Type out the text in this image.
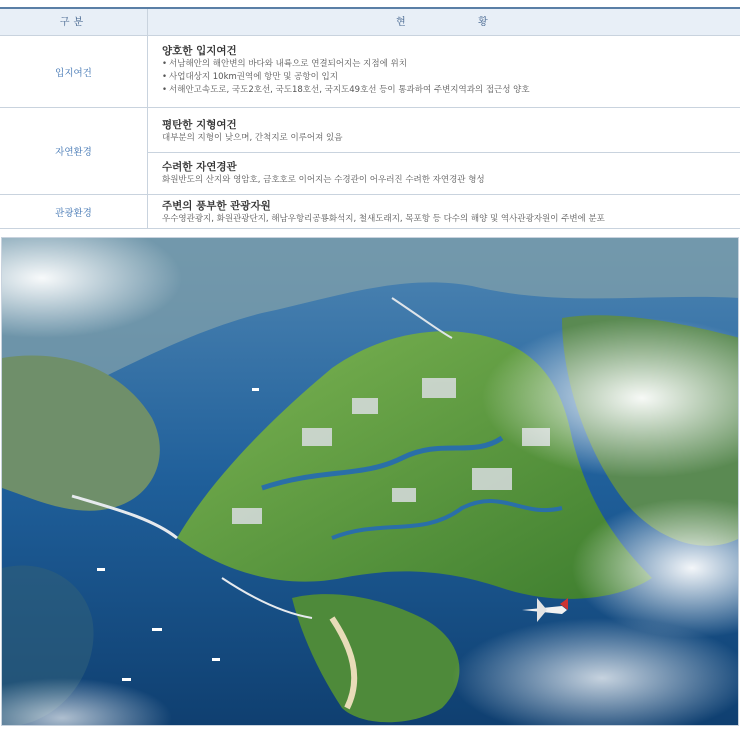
구분	현	황
입지여건
양호한 입지여건
• 서남해안의 해안변의 바다와 내륙으로 연결되어지는 지점에 위치
• 사업대상지 10km권역에 항만 및 공항이 입지
• 서해안고속도로, 국도2호선, 국도18호선, 국지도49호선 등이 통과하여 주변지역과의 접근성 양호
자연환경
평탄한 지형여건
대부분의 지형이 낮으며, 간척지로 이루어져 있음
수려한 자연경관
화원반도의 산지와 영암호, 금호호로 이어지는 수경관이 어우러진 수려한 자연경관 형성
관광환경
주변의 풍부한 관광자원
우수영관광지, 화원관광단지, 해남우항리공룡화석지, 철새도래지, 목포항 등 다수의 해양 및 역사관광자원이 주변에 분포
